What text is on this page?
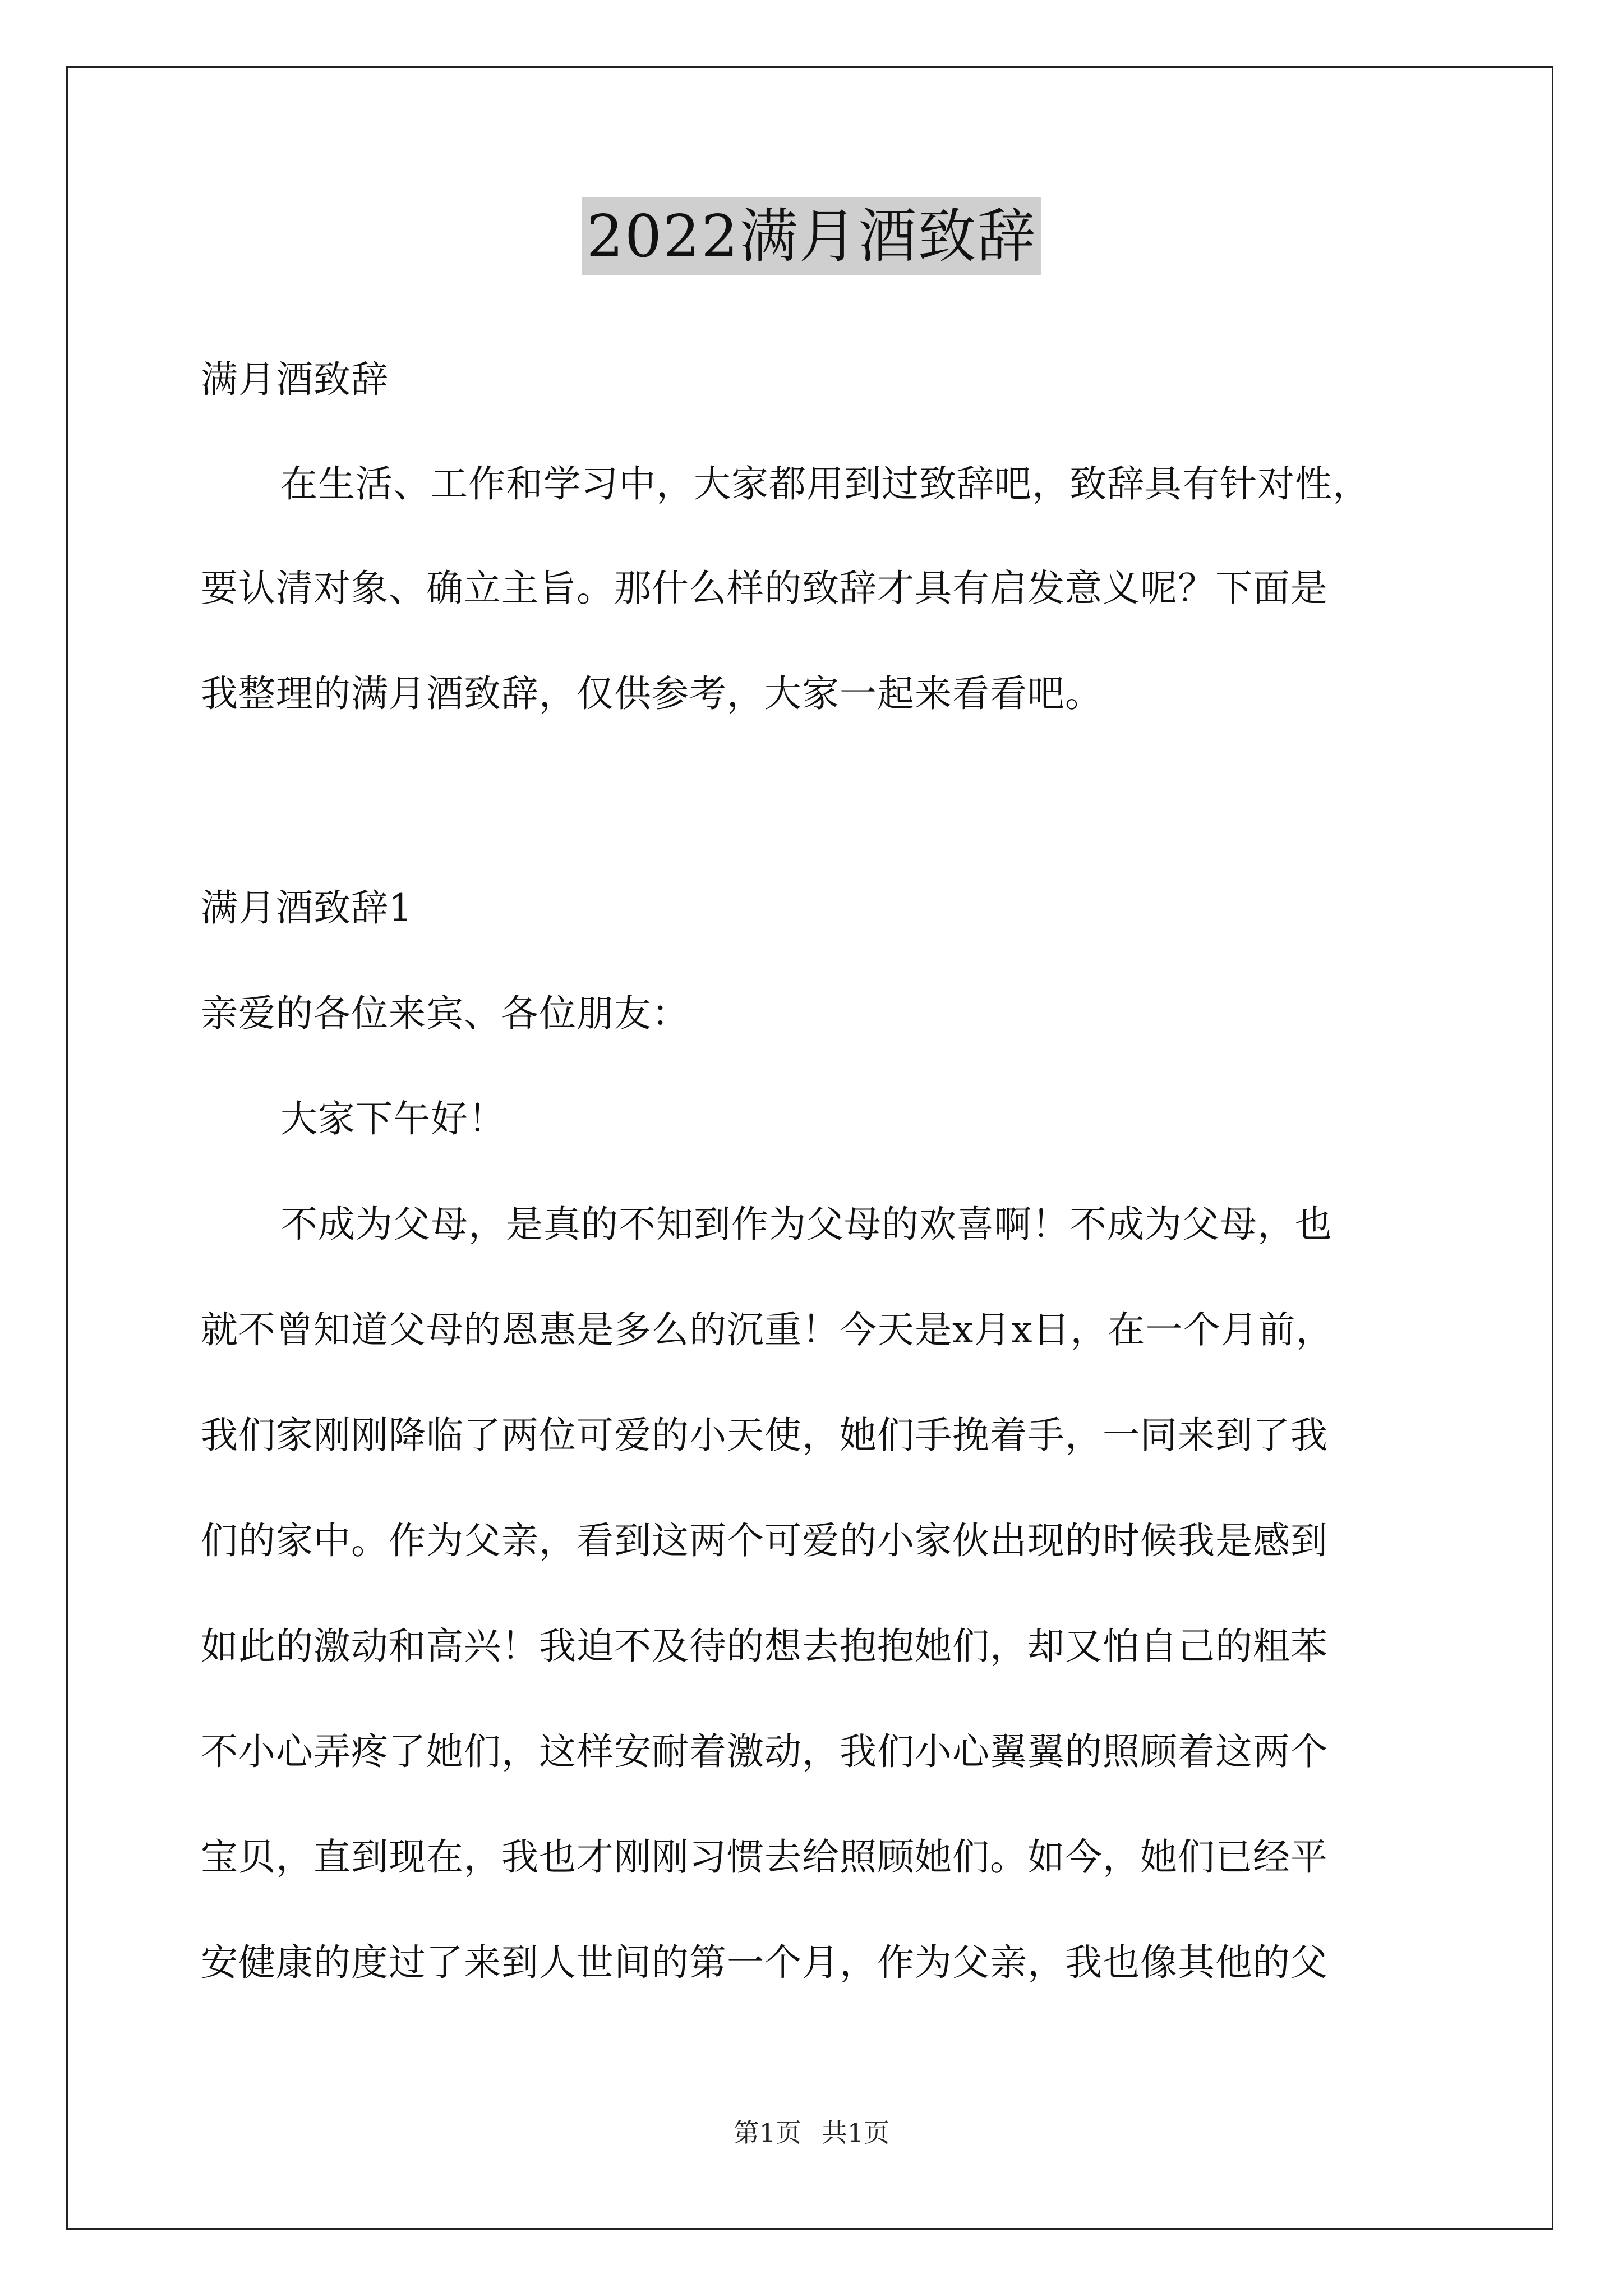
2022满月酒致辞
满月酒致辞
在生活、工作和学习中，大家都用到过致辞吧，致辞具有针对性，
要认清对象、确立主旨。那什么样的致辞才具有启发意义呢？下面是
我整理的满月酒致辞，仅供参考，大家一起来看看吧。
满月酒致辞1
亲爱的各位来宾、各位朋友：
大家下午好！
不成为父母，是真的不知到作为父母的欢喜啊！不成为父母，也
就不曾知道父母的恩惠是多么的沉重！今天是x月x日，在一个月前，
我们家刚刚降临了两位可爱的小天使，她们手挽着手，一同来到了我
们的家中。作为父亲，看到这两个可爱的小家伙出现的时候我是感到
如此的激动和高兴！我迫不及待的想去抱抱她们，却又怕自己的粗苯
不小心弄疼了她们，这样安耐着激动，我们小心翼翼的照顾着这两个
宝贝，直到现在，我也才刚刚习惯去给照顾她们。如今，她们已经平
安健康的度过了来到人世间的第一个月，作为父亲，我也像其他的父
第1页 共1页
